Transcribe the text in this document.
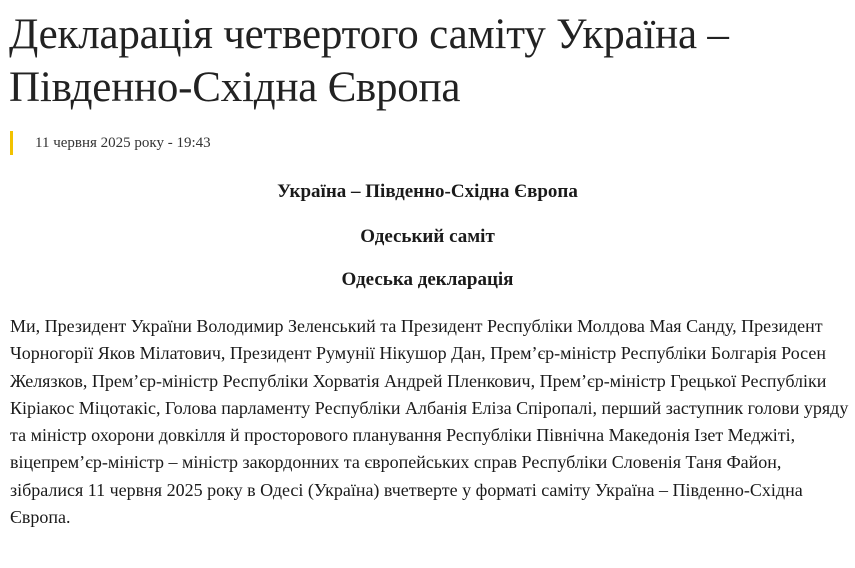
Декларація четвертого саміту Україна – Південно-Східна Європа
11 червня 2025 року - 19:43

Україна – Південно-Східна Європа

Одеський саміт

Одеська декларація

Ми, Президент України Володимир Зеленський та Президент Республіки Молдова Мая Санду, Президент Чорногорії Яков Мілатович, Президент Румунії Нікушор Дан, Прем’єр-міністр Республіки Болгарія Росен Желязков, Прем’єр-міністр Республіки Хорватія Андрей Пленкович, Прем’єр-міністр Грецької Республіки Кіріакос Міцотакіс, Голова парламенту Республіки Албанія Еліза Спіропалі, перший заступник голови уряду та міністр охорони довкілля й просторового планування Республіки Північна Македонія Ізет Меджіті, віцепрем’єр-міністр – міністр закордонних та європейських справ Республіки Словенія Таня Файон, зібралися 11 червня 2025 року в Одесі (Україна) вчетверте у форматі саміту Україна – Південно-Східна Європа.
